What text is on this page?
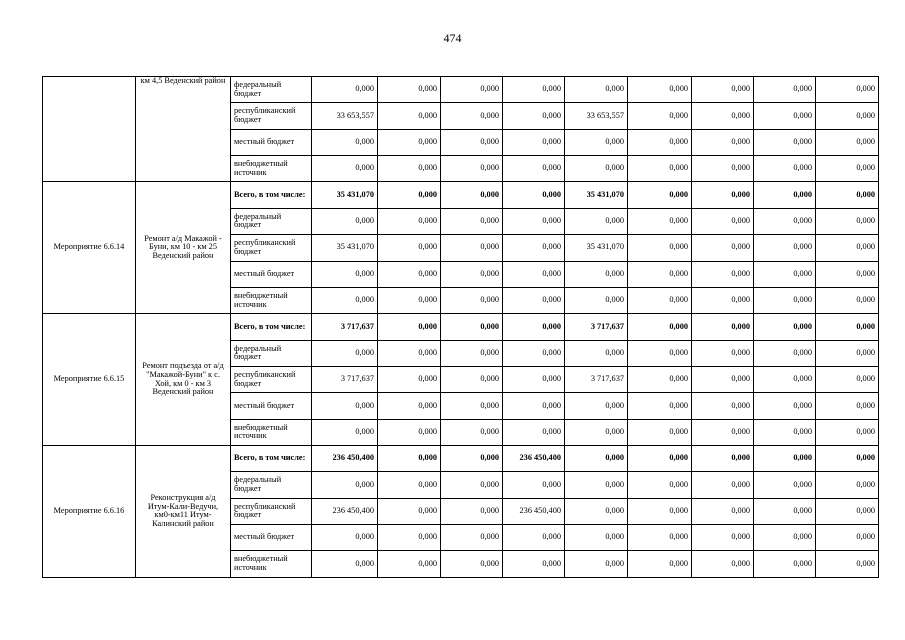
474
	км 4,5 Веденский район	федеральный бюджет	0,000	0,000	0,000	0,000	0,000	0,000	0,000	0,000	0,000
		республиканский бюджет	33 653,557	0,000	0,000	0,000	33 653,557	0,000	0,000	0,000	0,000
		местный бюджет	0,000	0,000	0,000	0,000	0,000	0,000	0,000	0,000	0,000
		внебюджетный источник	0,000	0,000	0,000	0,000	0,000	0,000	0,000	0,000	0,000
Мероприятие 6.6.14	Ремонт а/д Макажой - Буни, км 10 - км 25 Веденский район	Всего, в том числе:	35 431,070	0,000	0,000	0,000	35 431,070	0,000	0,000	0,000	0,000
		федеральный бюджет	0,000	0,000	0,000	0,000	0,000	0,000	0,000	0,000	0,000
		республиканский бюджет	35 431,070	0,000	0,000	0,000	35 431,070	0,000	0,000	0,000	0,000
		местный бюджет	0,000	0,000	0,000	0,000	0,000	0,000	0,000	0,000	0,000
		внебюджетный источник	0,000	0,000	0,000	0,000	0,000	0,000	0,000	0,000	0,000
Мероприятие 6.6.15	Ремонт подъезда от а/д "Макажой-Буни" к с. Хой, км 0 - км 3 Веденский район	Всего, в том числе:	3 717,637	0,000	0,000	0,000	3 717,637	0,000	0,000	0,000	0,000
		федеральный бюджет	0,000	0,000	0,000	0,000	0,000	0,000	0,000	0,000	0,000
		республиканский бюджет	3 717,637	0,000	0,000	0,000	3 717,637	0,000	0,000	0,000	0,000
		местный бюджет	0,000	0,000	0,000	0,000	0,000	0,000	0,000	0,000	0,000
		внебюджетный источник	0,000	0,000	0,000	0,000	0,000	0,000	0,000	0,000	0,000
Мероприятие 6.6.16	Реконструкция а/д Итум-Кали-Ведучи, км0-км11 Итум-Калинский район	Всего, в том числе:	236 450,400	0,000	0,000	236 450,400	0,000	0,000	0,000	0,000	0,000
		федеральный бюджет	0,000	0,000	0,000	0,000	0,000	0,000	0,000	0,000	0,000
		республиканский бюджет	236 450,400	0,000	0,000	236 450,400	0,000	0,000	0,000	0,000	0,000
		местный бюджет	0,000	0,000	0,000	0,000	0,000	0,000	0,000	0,000	0,000
		внебюджетный источник	0,000	0,000	0,000	0,000	0,000	0,000	0,000	0,000	0,000
